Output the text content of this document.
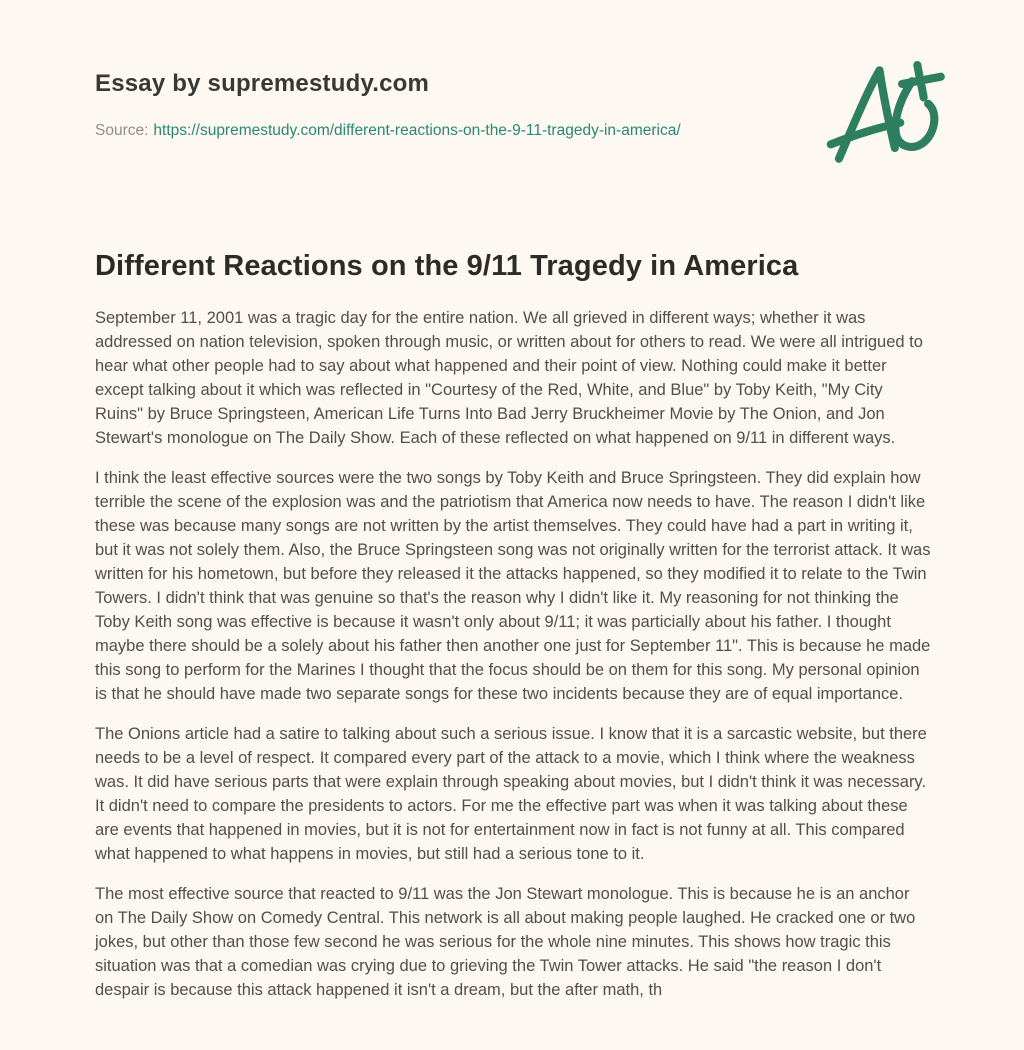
Essay by supremestudy.com
Source: https://supremestudy.com/different-reactions-on-the-9-11-tragedy-in-america/
Different Reactions on the 9/11 Tragedy in America

September 11, 2001 was a tragic day for the entire nation. We all grieved in different ways; whether it was addressed on nation television, spoken through music, or written about for others to read. We were all intrigued to hear what other people had to say about what happened and their point of view. Nothing could make it better except talking about it which was reflected in "Courtesy of the Red, White, and Blue" by Toby Keith, "My City Ruins" by Bruce Springsteen, American Life Turns Into Bad Jerry Bruckheimer Movie by The Onion, and Jon Stewart's monologue on The Daily Show. Each of these reflected on what happened on 9/11 in different ways.

I think the least effective sources were the two songs by Toby Keith and Bruce Springsteen. They did explain how terrible the scene of the explosion was and the patriotism that America now needs to have. The reason I didn't like these was because many songs are not written by the artist themselves. They could have had a part in writing it, but it was not solely them. Also, the Bruce Springsteen song was not originally written for the terrorist attack. It was written for his hometown, but before they released it the attacks happened, so they modified it to relate to the Twin Towers. I didn't think that was genuine so that's the reason why I didn't like it. My reasoning for not thinking the Toby Keith song was effective is because it wasn't only about 9/11; it was particially about his father. I thought maybe there should be a solely about his father then another one just for September 11". This is because he made this song to perform for the Marines I thought that the focus should be on them for this song. My personal opinion is that he should have made two separate songs for these two incidents because they are of equal importance.

The Onions article had a satire to talking about such a serious issue. I know that it is a sarcastic website, but there needs to be a level of respect. It compared every part of the attack to a movie, which I think where the weakness was. It did have serious parts that were explain through speaking about movies, but I didn't think it was necessary. It didn't need to compare the presidents to actors. For me the effective part was when it was talking about these are events that happened in movies, but it is not for entertainment now in fact is not funny at all. This compared what happened to what happens in movies, but still had a serious tone to it.

The most effective source that reacted to 9/11 was the Jon Stewart monologue. This is because he is an anchor on The Daily Show on Comedy Central. This network is all about making people laughed. He cracked one or two jokes, but other than those few second he was serious for the whole nine minutes. This shows how tragic this situation was that a comedian was crying due to grieving the Twin Tower attacks. He said "the reason I don't despair is because this attack happened it isn't a dream, but the after math, th
